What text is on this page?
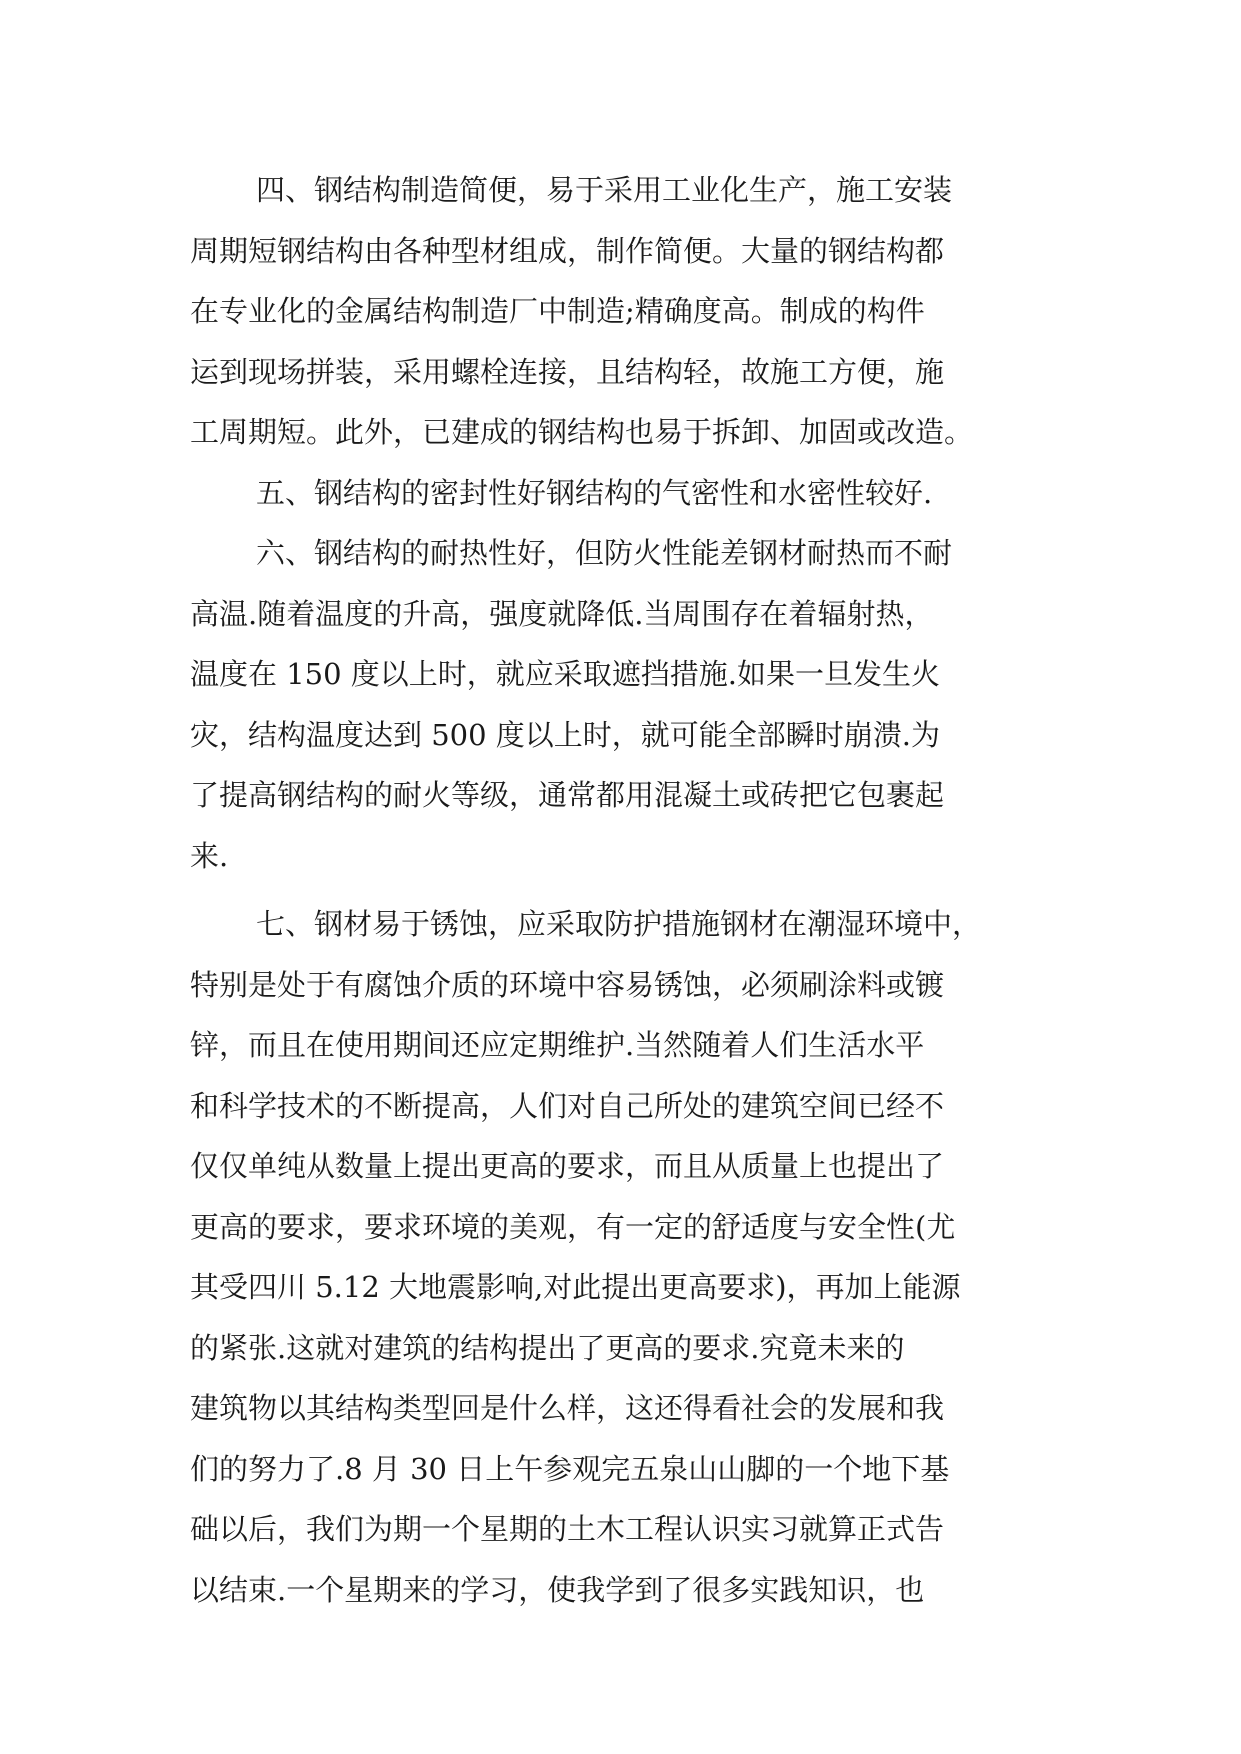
四、钢结构制造简便，易于采用工业化生产，施工安装
周期短钢结构由各种型材组成，制作简便。大量的钢结构都
在专业化的金属结构制造厂中制造;精确度高。制成的构件
运到现场拼装，采用螺栓连接，且结构轻，故施工方便，施
工周期短。此外，已建成的钢结构也易于拆卸、加固或改造。
五、钢结构的密封性好钢结构的气密性和水密性较好.
六、钢结构的耐热性好，但防火性能差钢材耐热而不耐
高温.随着温度的升高，强度就降低.当周围存在着辐射热，
温度在 150 度以上时，就应采取遮挡措施.如果一旦发生火
灾，结构温度达到 500 度以上时，就可能全部瞬时崩溃.为
了提高钢结构的耐火等级，通常都用混凝土或砖把它包裹起
来.
七、钢材易于锈蚀，应采取防护措施钢材在潮湿环境中，
特别是处于有腐蚀介质的环境中容易锈蚀，必须刷涂料或镀
锌，而且在使用期间还应定期维护.当然随着人们生活水平
和科学技术的不断提高，人们对自己所处的建筑空间已经不
仅仅单纯从数量上提出更高的要求，而且从质量上也提出了
更高的要求，要求环境的美观，有一定的舒适度与安全性(尤
其受四川 5.12 大地震影响,对此提出更高要求)，再加上能源
的紧张.这就对建筑的结构提出了更高的要求.究竟未来的
建筑物以其结构类型回是什么样，这还得看社会的发展和我
们的努力了.8 月 30 日上午参观完五泉山山脚的一个地下基
础以后，我们为期一个星期的土木工程认识实习就算正式告
以结束.一个星期来的学习，使我学到了很多实践知识，也
